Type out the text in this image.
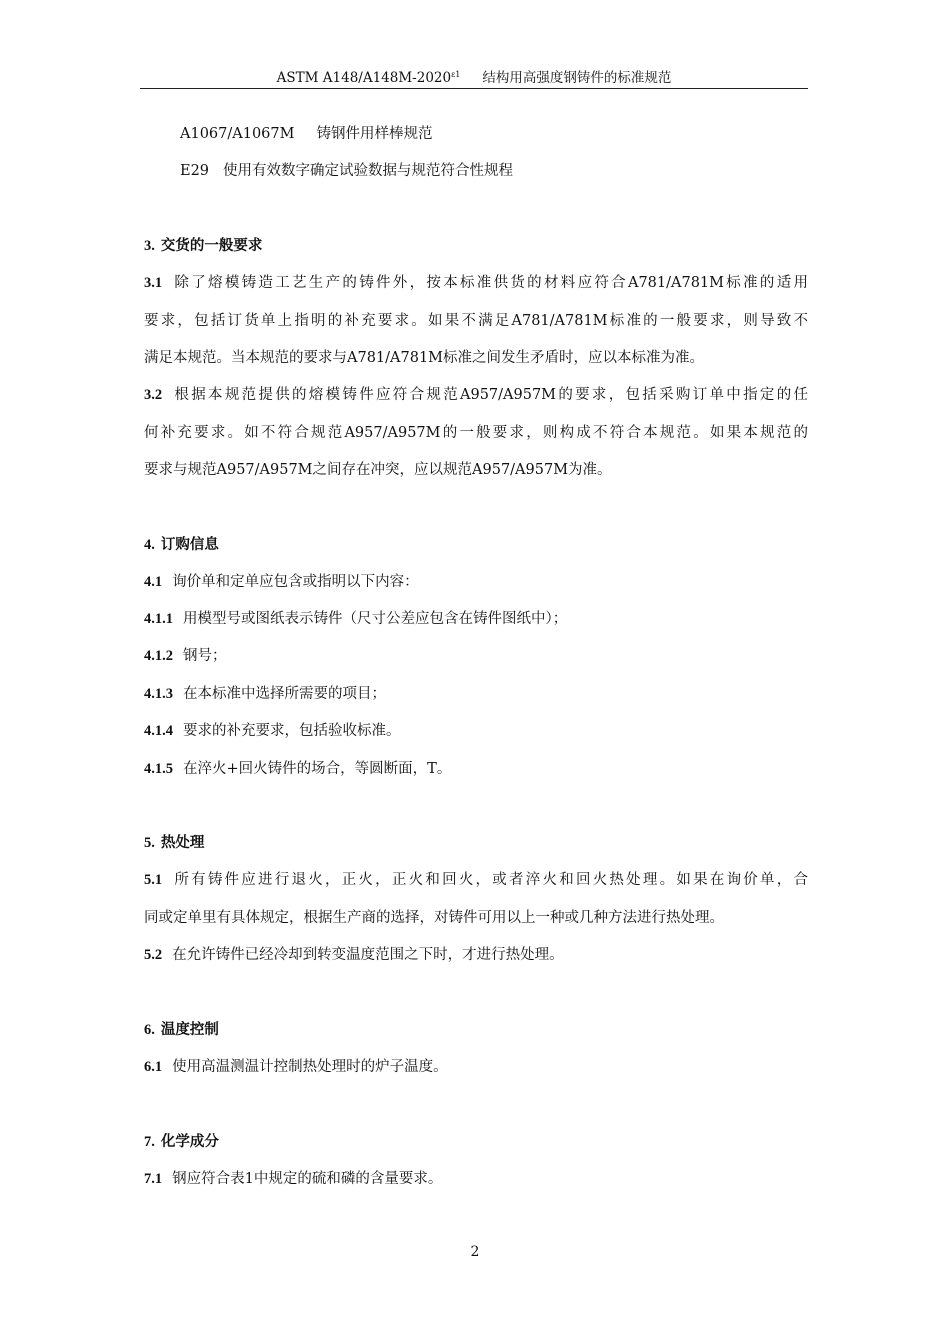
ASTM $A148/A148M-2020^{\varepsilon 1}$ 结构用高强度钢铸件的标准规范
A1067/A1067M 铸钢件用样棒规范
E29 使用有效数字确定试验数据与规范符合性规程
3. 交货的一般要求
3.1 除了熔模铸造工艺生产的铸件外，按本标准供货的材料应符合A781/A781M标准的适用
要求，包括订货单上指明的补充要求。如果不满足A781/A781M标准的一般要求，则导致不
满足本规范。当本规范的要求与A781/A781M标准之间发生矛盾时，应以本标准为准。
3.2 根据本规范提供的熔模铸件应符合规范A957/A957M的要求，包括采购订单中指定的任
何补充要求。如不符合规范A957/A957M的一般要求，则构成不符合本规范。如果本规范的
要求与规范A957/A957M之间存在冲突，应以规范A957/A957M为准。
4. 订购信息
4.1 询价单和定单应包含或指明以下内容：
4.1.1 用模型号或图纸表示铸件（尺寸公差应包含在铸件图纸中）；
4.1.2 钢号；
4.1.3 在本标准中选择所需要的项目；
4.1.4 要求的补充要求，包括验收标准。
4.1.5 在淬火+回火铸件的场合，等圆断面，T。
5. 热处理
5.1 所有铸件应进行退火，正火，正火和回火，或者淬火和回火热处理。如果在询价单，合
同或定单里有具体规定，根据生产商的选择，对铸件可用以上一种或几种方法进行热处理。
5.2 在允许铸件已经冷却到转变温度范围之下时，才进行热处理。
6. 温度控制
6.1 使用高温测温计控制热处理时的炉子温度。
7. 化学成分
7.1 钢应符合表1中规定的硫和磷的含量要求。
2
